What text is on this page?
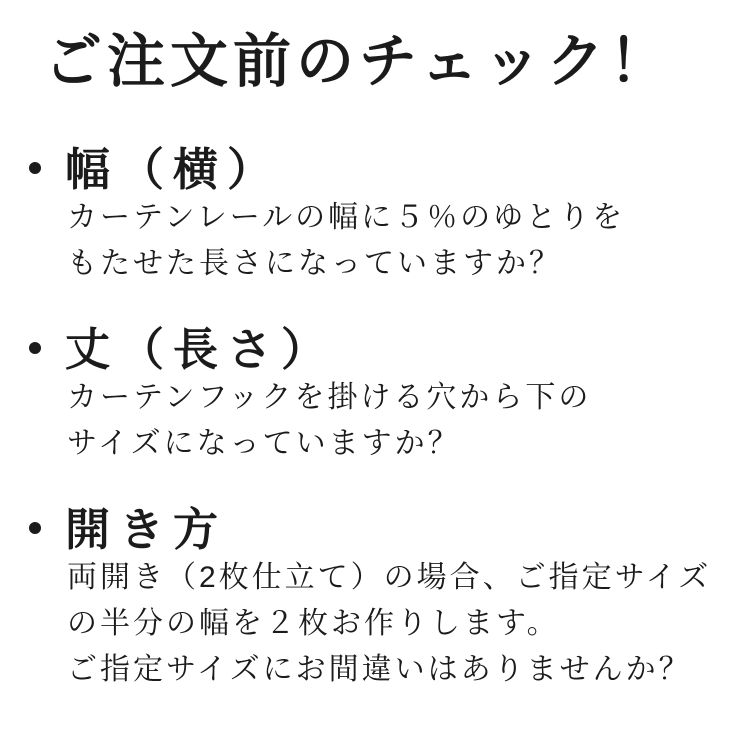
ご注文前のチェック！
幅（横）

カーテンレールの幅に５％のゆとりを
もたせた長さになっていますか？

丈（長さ）

カーテンフックを掛ける穴から下の
サイズになっていますか？

開き方

両開き（2枚仕立て）の場合、ご指定サイズ
の半分の幅を２枚お作りします。
ご指定サイズにお間違いはありませんか？
